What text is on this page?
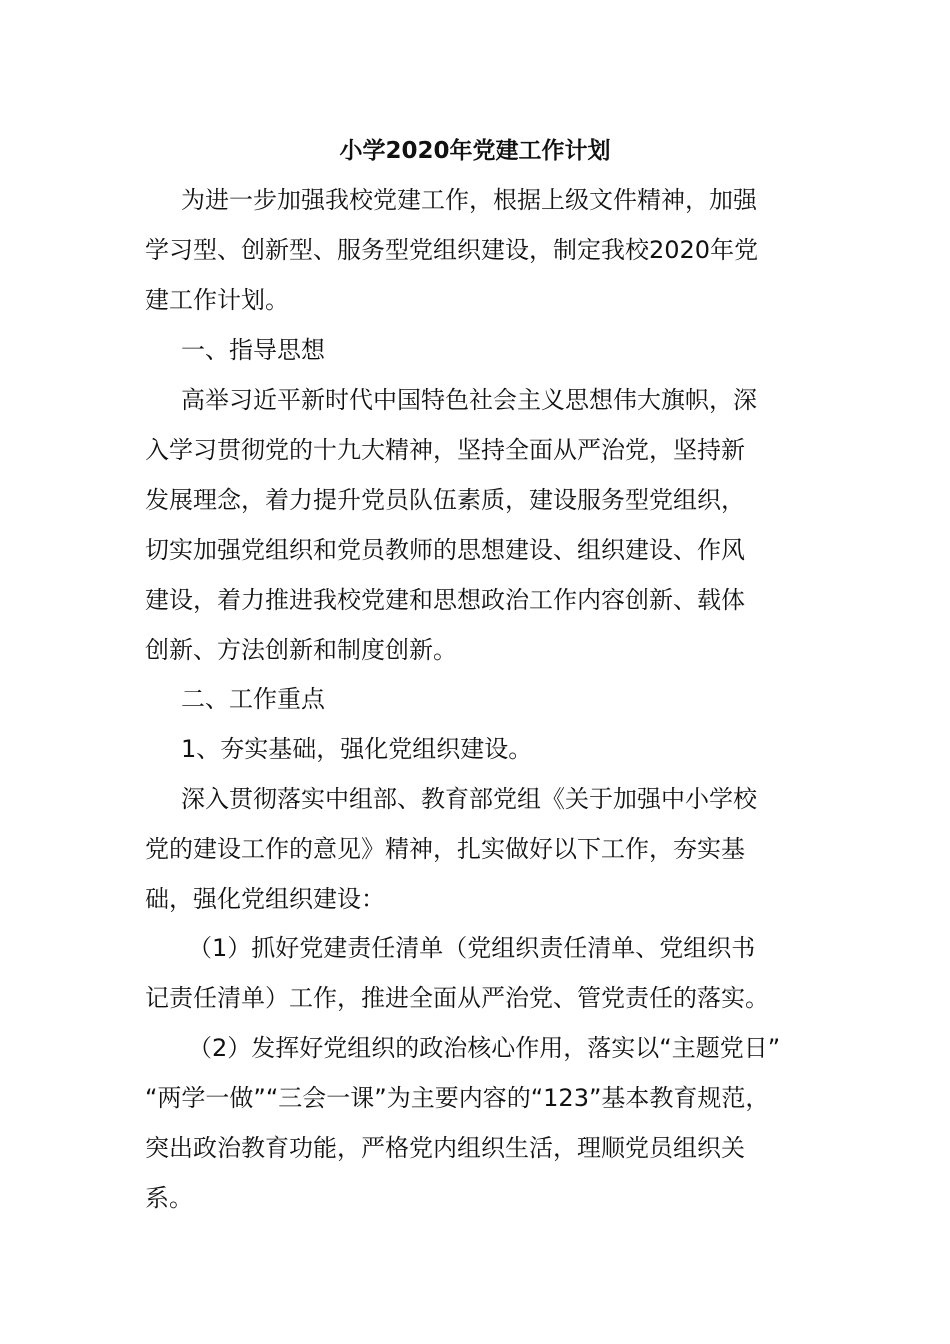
小学2020年党建工作计划
为进一步加强我校党建工作，根据上级文件精神，加强
学习型、创新型、服务型党组织建设，制定我校2020年党
建工作计划。
一、指导思想
高举习近平新时代中国特色社会主义思想伟大旗帜，深
入学习贯彻党的十九大精神，坚持全面从严治党，坚持新
发展理念，着力提升党员队伍素质，建设服务型党组织，
切实加强党组织和党员教师的思想建设、组织建设、作风
建设，着力推进我校党建和思想政治工作内容创新、载体
创新、方法创新和制度创新。
二、工作重点
1、夯实基础，强化党组织建设。
深入贯彻落实中组部、教育部党组《关于加强中小学校
党的建设工作的意见》精神，扎实做好以下工作，夯实基
础，强化党组织建设：
（1）抓好党建责任清单（党组织责任清单、党组织书
记责任清单）工作，推进全面从严治党、管党责任的落实。
（2）发挥好党组织的政治核心作用，落实以“主题党日”
“两学一做”“三会一课”为主要内容的“123”基本教育规范，
突出政治教育功能，严格党内组织生活，理顺党员组织关
系。
